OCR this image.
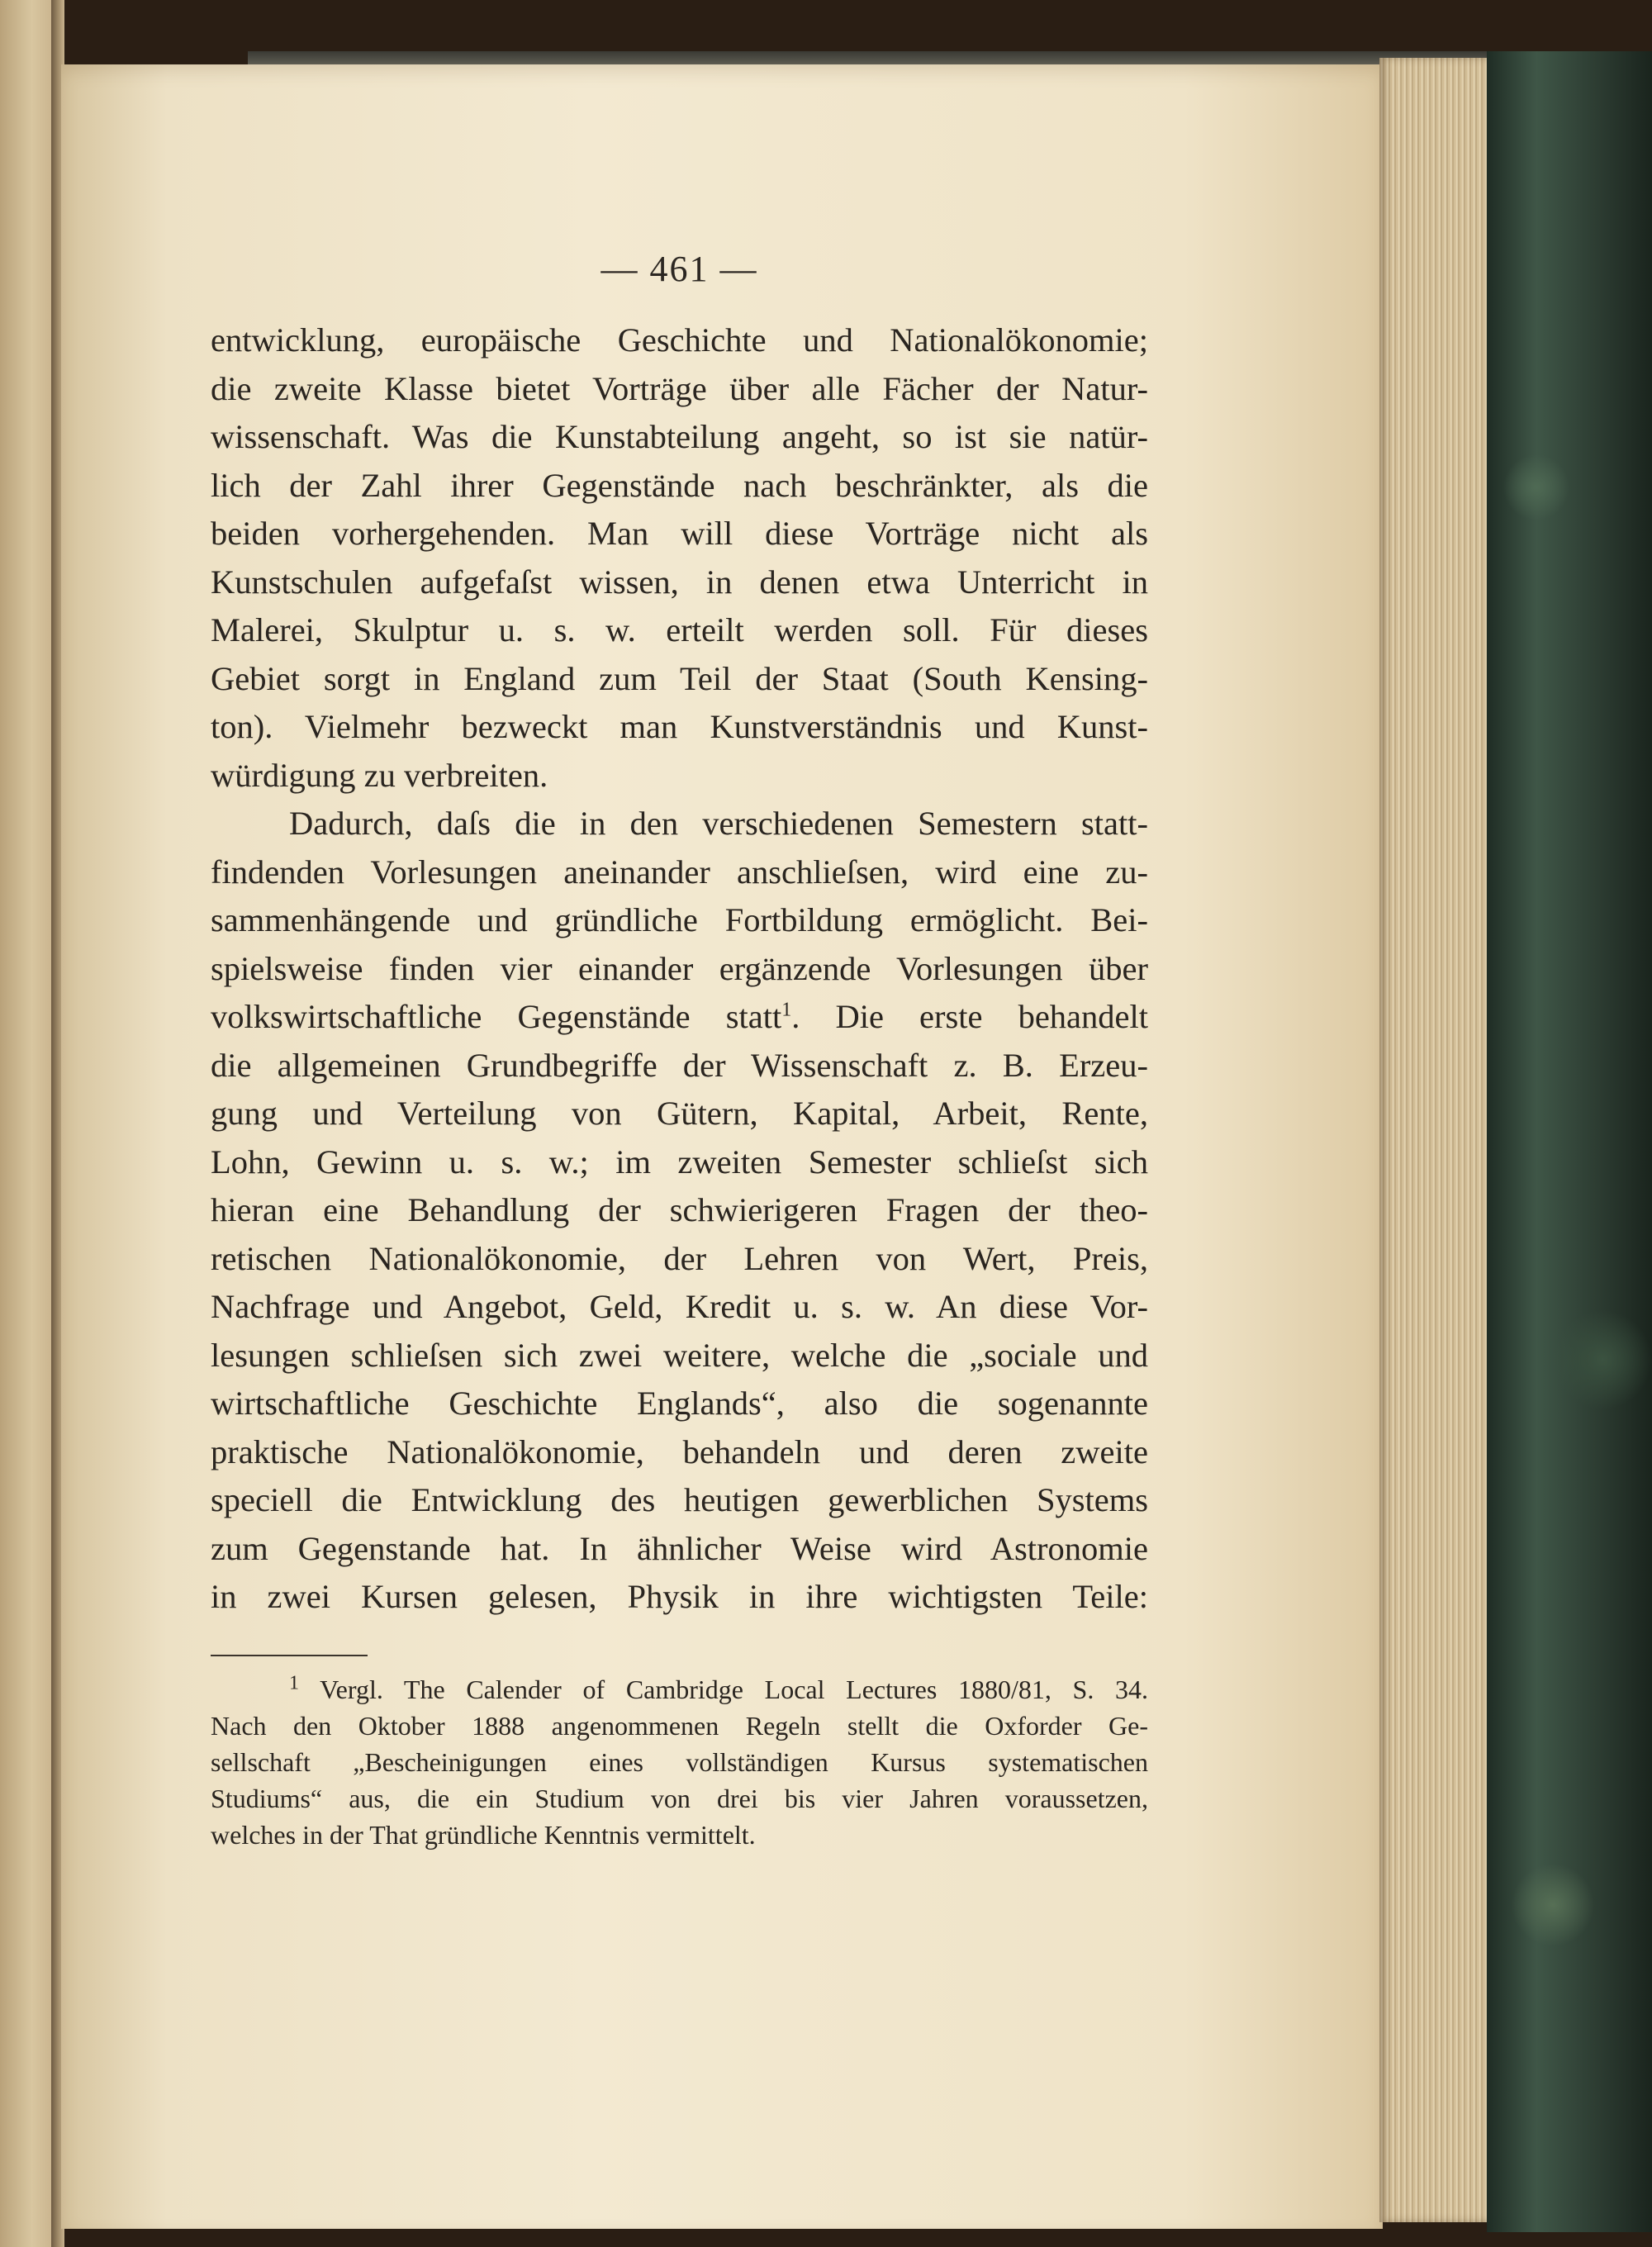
— 461 —
entwicklung, europäische Geschichte und Nationalökonomie;
die zweite Klasse bietet Vorträge über alle Fächer der Natur-
wissenschaft. Was die Kunstabteilung angeht, so ist sie natür-
lich der Zahl ihrer Gegenstände nach beschränkter, als die
beiden vorhergehenden. Man will diese Vorträge nicht als
Kunstschulen aufgefaſst wissen, in denen etwa Unterricht in
Malerei, Skulptur u. s. w. erteilt werden soll. Für dieses
Gebiet sorgt in England zum Teil der Staat (South Kensing-
ton). Vielmehr bezweckt man Kunstverständnis und Kunst-
würdigung zu verbreiten.
Dadurch, daſs die in den verschiedenen Semestern statt-
findenden Vorlesungen aneinander anschlieſsen, wird eine zu-
sammenhängende und gründliche Fortbildung ermöglicht. Bei-
spielsweise finden vier einander ergänzende Vorlesungen über
volkswirtschaftliche Gegenstände statt$^1$. Die erste behandelt
die allgemeinen Grundbegriffe der Wissenschaft z. B. Erzeu-
gung und Verteilung von Gütern, Kapital, Arbeit, Rente,
Lohn, Gewinn u. s. w.; im zweiten Semester schlieſst sich
hieran eine Behandlung der schwierigeren Fragen der theo-
retischen Nationalökonomie, der Lehren von Wert, Preis,
Nachfrage und Angebot, Geld, Kredit u. s. w. An diese Vor-
lesungen schlieſsen sich zwei weitere, welche die „sociale und
wirtschaftliche Geschichte Englands“, also die sogenannte
praktische Nationalökonomie, behandeln und deren zweite
speciell die Entwicklung des heutigen gewerblichen Systems
zum Gegenstande hat. In ähnlicher Weise wird Astronomie
in zwei Kursen gelesen, Physik in ihre wichtigsten Teile:
$^1$ Vergl. The Calender of Cambridge Local Lectures 1880/81, S. 34.
Nach den Oktober 1888 angenommenen Regeln stellt die Oxforder Ge-
sellschaft „Bescheinigungen eines vollständigen Kursus systematischen
Studiums“ aus, die ein Studium von drei bis vier Jahren voraussetzen,
welches in der That gründliche Kenntnis vermittelt.
